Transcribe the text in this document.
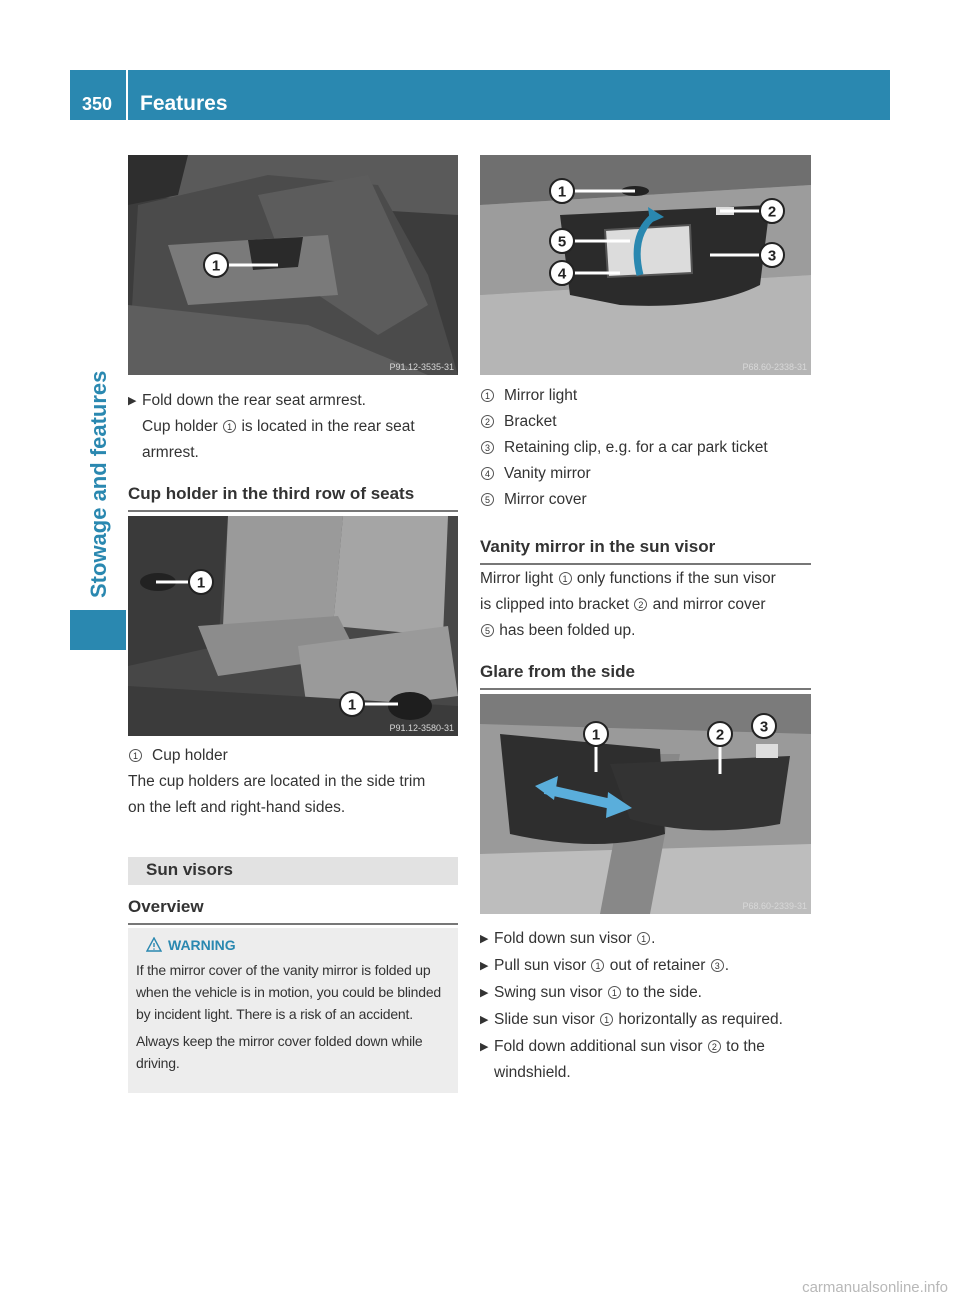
350	Features
Stowage and features
1
P91.12-3535-31
▶ Fold down the rear seat armrest.
Cup holder 1 is located in the rear seat
armrest.
Cup holder in the third row of seats
1
1
P91.12-3580-31
1 Cup holder
The cup holders are located in the side trim
on the left and right-hand sides.
Sun visors
Overview
WARNING

If the mirror cover of the vanity mirror is folded up when the vehicle is in motion, you could be blinded by incident light. There is a risk of an accident.

Always keep the mirror cover folded down while driving.

1
2
3
4
5
P68.60-2338-31
1 Mirror light
2 Bracket
3 Retaining clip, e.g. for a car park ticket
4 Vanity mirror
5 Mirror cover
Vanity mirror in the sun visor
Mirror light 1 only functions if the sun visor
is clipped into bracket 2 and mirror cover
5 has been folded up.
Glare from the side
1	2 3
P68.60-2339-31
▶ Fold down sun visor 1 .
▶ Pull sun visor 1 out of retainer 3 .
▶ Swing sun visor 1 to the side.
▶ Slide sun visor 1 horizontally as required.
▶ Fold down additional sun visor 2 to the
windshield.
carmanualsonline.info
